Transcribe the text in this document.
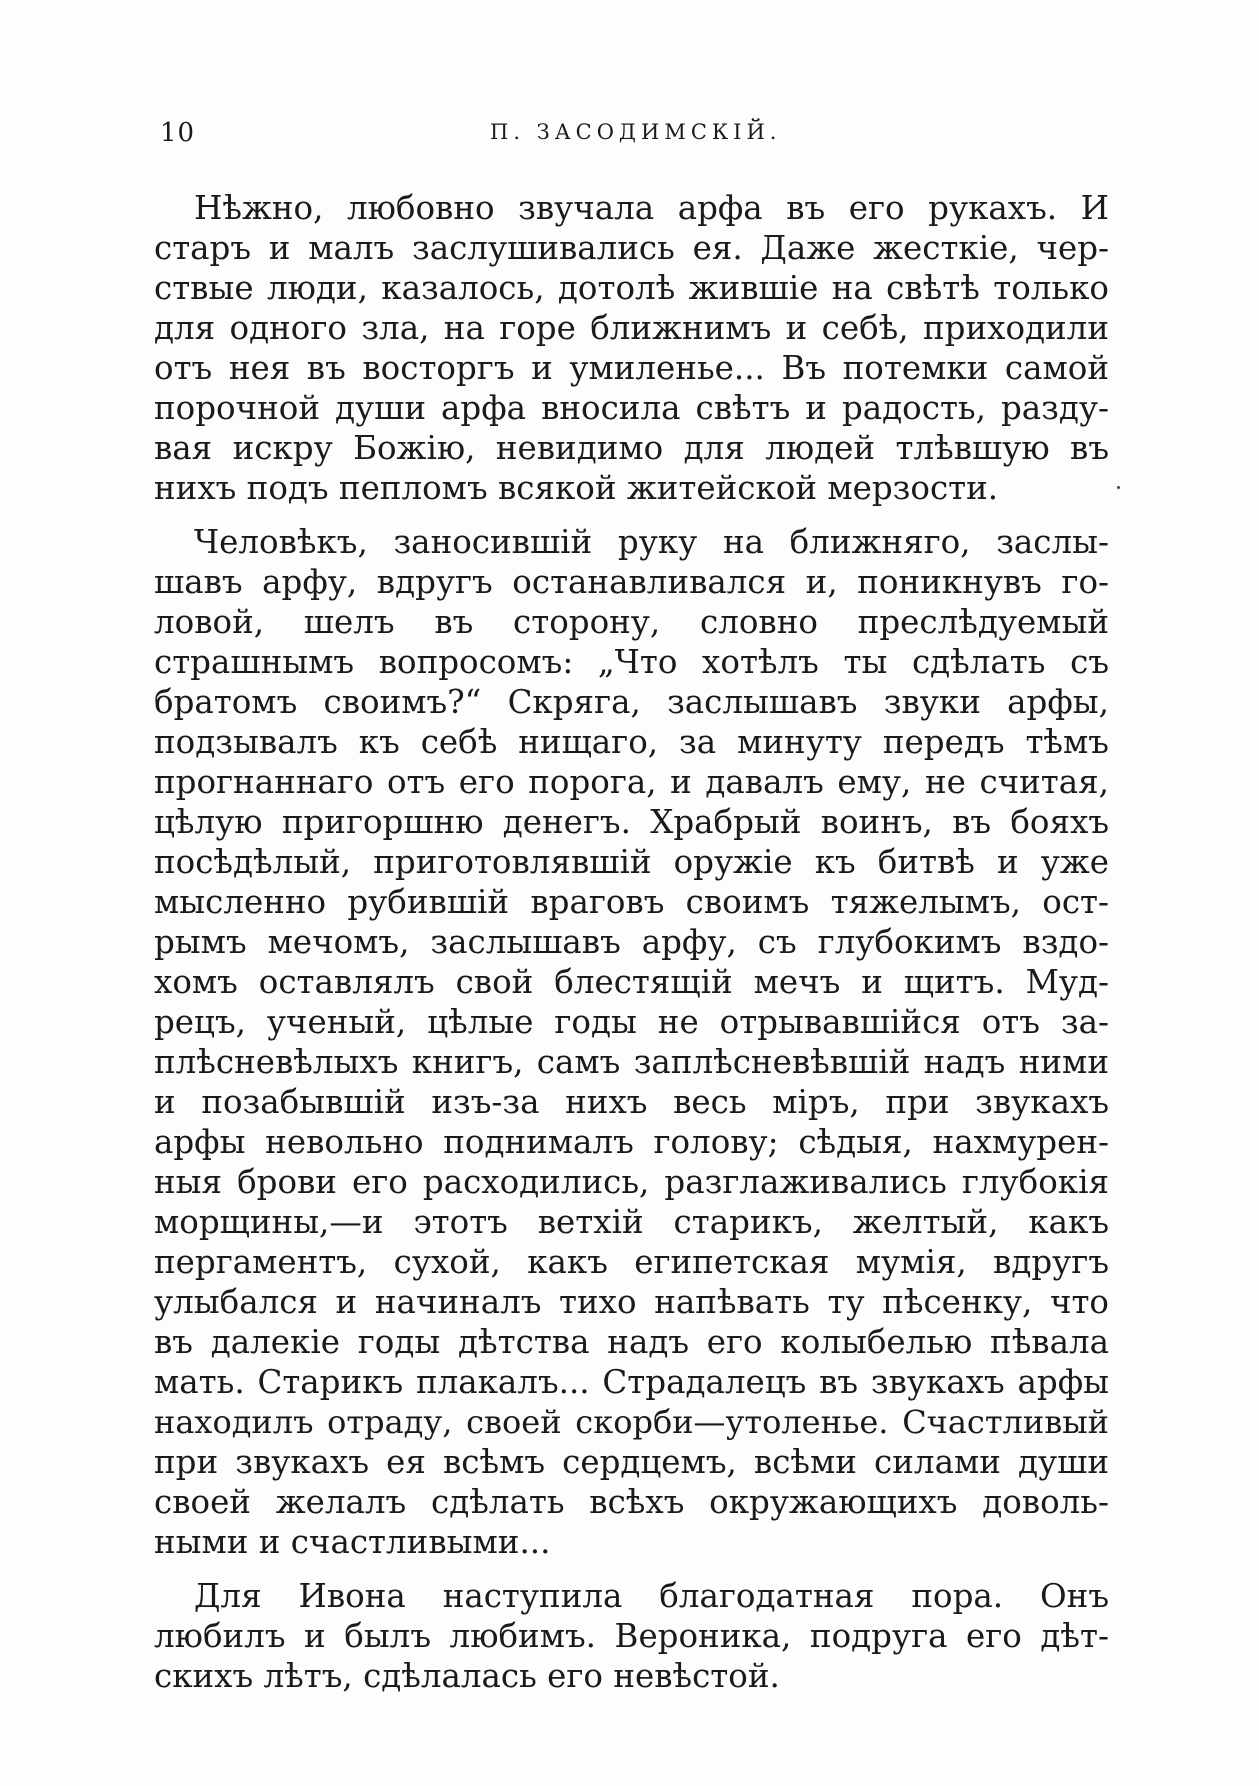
10	П. ЗАСОДИМСКІЙ.

Нѣжно, любовно звучала арфа въ его рукахъ. И
старъ и малъ заслушивались ея. Даже жесткіе, чер-
ствые люди, казалось, дотолѣ жившіе на свѣтѣ только
для одного зла, на горе ближнимъ и себѣ, приходили
отъ нея въ восторгъ и умиленье... Въ потемки самой
порочной души арфа вносила свѣтъ и радость, разду-
вая искру Божію, невидимо для людей тлѣвшую въ
нихъ подъ пепломъ всякой житейской мерзости.

Человѣкъ, заносившій руку на ближняго, заслы-
шавъ арфу, вдругъ останавливался и, поникнувъ го-
ловой, шелъ въ сторону, словно преслѣдуемый
страшнымъ вопросомъ: „Что хотѣлъ ты сдѣлать съ
братомъ своимъ?“ Скряга, заслышавъ звуки арфы,
подзывалъ къ себѣ нищаго, за минуту передъ тѣмъ
прогнаннаго отъ его порога, и давалъ ему, не считая,
цѣлую пригоршню денегъ. Храбрый воинъ, въ бояхъ
посѣдѣлый, приготовлявшій оружіе къ битвѣ и уже
мысленно рубившій враговъ своимъ тяжелымъ, ост-
рымъ мечомъ, заслышавъ арфу, съ глубокимъ вздо-
хомъ оставлялъ свой блестящій мечъ и щитъ. Муд-
рецъ, ученый, цѣлые годы не отрывавшійся отъ за-
плѣсневѣлыхъ книгъ, самъ заплѣсневѣвшій надъ ними
и позабывшій изъ-за нихъ весь міръ, при звукахъ
арфы невольно поднималъ голову; сѣдыя, нахмурен-
ныя брови его расходились, разглаживались глубокія
морщины,—и этотъ ветхій старикъ, желтый, какъ
пергаментъ, сухой, какъ египетская мумія, вдругъ
улыбался и начиналъ тихо напѣвать ту пѣсенку, что
въ далекіе годы дѣтства надъ его колыбелью пѣвала
мать. Старикъ плакалъ... Страдалецъ въ звукахъ арфы
находилъ отраду, своей скорби—утоленье. Счастливый
при звукахъ ея всѣмъ сердцемъ, всѣми силами души
своей желалъ сдѣлать всѣхъ окружающихъ доволь-
ными и счастливыми...

Для Ивона наступила благодатная пора. Онъ
любилъ и былъ любимъ. Вероника, подруга его дѣт-
скихъ лѣтъ, сдѣлалась его невѣстой.
